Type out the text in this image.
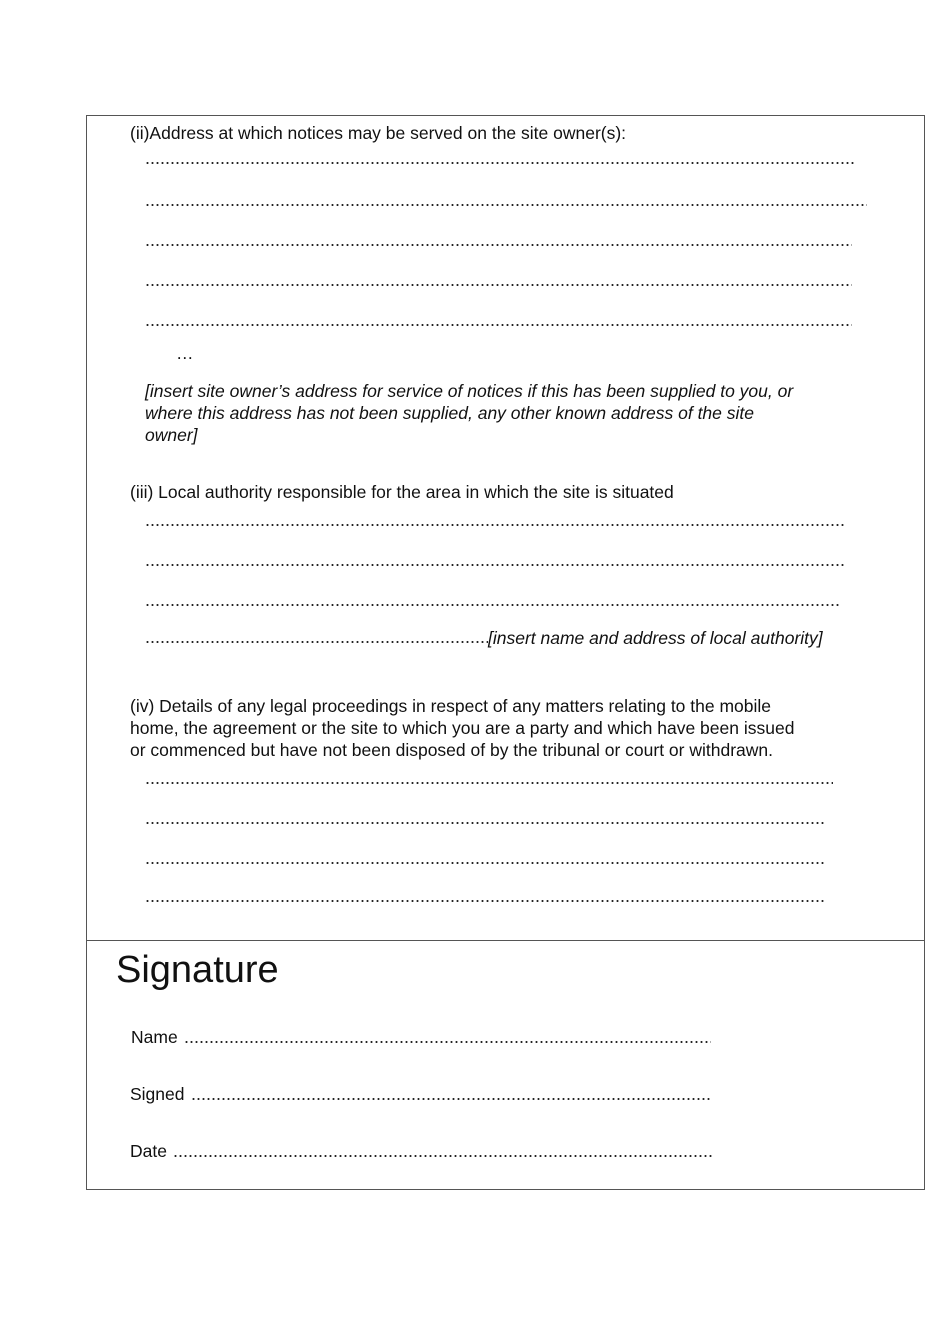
(ii)Address at which notices may be served on the site owner(s):
…
[insert site owner’s address for service of notices if this has been supplied to you, or
where this address has not been supplied, any other known address of the site
owner]
(iii) Local authority responsible for the area in which the site is situated
[insert name and address of local authority]
(iv) Details of any legal proceedings in respect of any matters relating to the mobile
home, the agreement or the site to which you are a party and which have been issued
or commenced but have not been disposed of by the tribunal or court or withdrawn.
Signature
Name
Signed
Date
